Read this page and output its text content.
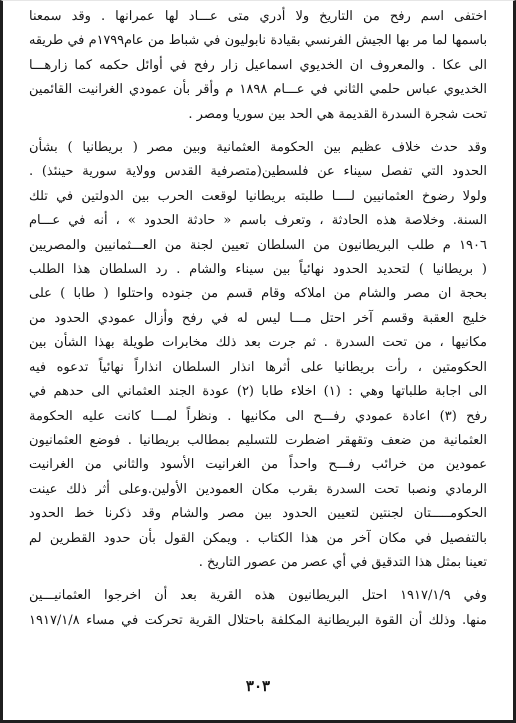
اختفى اسم رفح من التاريخ ولا أدري متى عـــاد لها عمرانها . وقد سمعنا
باسمها لما مر بها الجيش الفرنسي بقيادة نابوليون في شباط من عام١٧٩٩م في طريقه
الى عكا . والمعروف ان الخديوي اسماعيل زار رفح في أوائل حكمه كما زارهـــا
الخديوي عباس حلمي الثاني في عـــام ١٨٩٨ م وأقر بأن عمودي الغرانيت القائمين
تحت شجرة السدرة القديمة هي الحد بين سوريا ومصر .

وقد حدث خلاف عظيم بين الحكومة العثمانية وبين مصر ( بريطانيا ) بشأن
الحدود التي تفصل سيناء عن فلسطين(متصرفية القدس وولاية سورية حينئذ) .
ولولا رضوخ العثمانيين لــــا طلبته بريطانيا لوقعت الحرب بين الدولتين في تلك
السنة. وخلاصة هذه الحادثة ، وتعرف باسم « حادثة الحدود » ، أنه في عـــام
١٩٠٦ م طلب البريطانيون من السلطان تعيين لجنة من العـــثمانيين والمصريين
( بريطانيا ) لتحديد الحدود نهائياً بين سيناء والشام . رد السلطان هذا الطلب
بحجة ان مصر والشام من املاكه وقام قسم من جنوده واحتلوا ( طابا ) على
خليج العقبة وقسم آخر احتل مـــا ليس له في رفح وأزال عمودي الحدود من
مكانيها ، من تحت السدرة . ثم جرت بعد ذلك مخابرات طويلة بهذا الشأن بين
الحكومتين ، رأت بريطانيا على أثرها انذار السلطان انذاراً نهائياً تدعوه فيه
الى اجابة طلباتها وهي : (١) اخلاء طابا (٢) عودة الجند العثماني الى حدهم في
رفح (٣) اعادة عمودي رفـــح الى مكانيها . ونظراً لمـــا كانت عليه الحكومة
العثمانية من ضعف وتقهقر اضطرت للتسليم بمطالب بريطانيا . فوضع العثمانيون
عمودين من خرائب رفـــح واحداً من الغرانيت الأسود والثاني من الغرانيت
الرمادي ونصبا تحت السدرة بقرب مكان العمودين الأولين.وعلى أثر ذلك عينت
الحكومـــــتان لجنتين لتعيين الحدود بين مصر والشام وقد ذكرنا خط الحدود
بالتفصيل في مكان آخر من هذا الكتاب . ويمكن القول بأن حدود القطرين لم
تعينا بمثل هذا التدقيق في أي عصر من عصور التاريخ .

وفي ١٩١٧/١/٩ احتل البريطانيون هذه القرية بعد أن اخرجوا العثمانيـــين
منها. وذلك أن القوة البريطانية المكلفة باحتلال القرية تحركت في مساء ١٩١٧/١/٨

٣٠٣
